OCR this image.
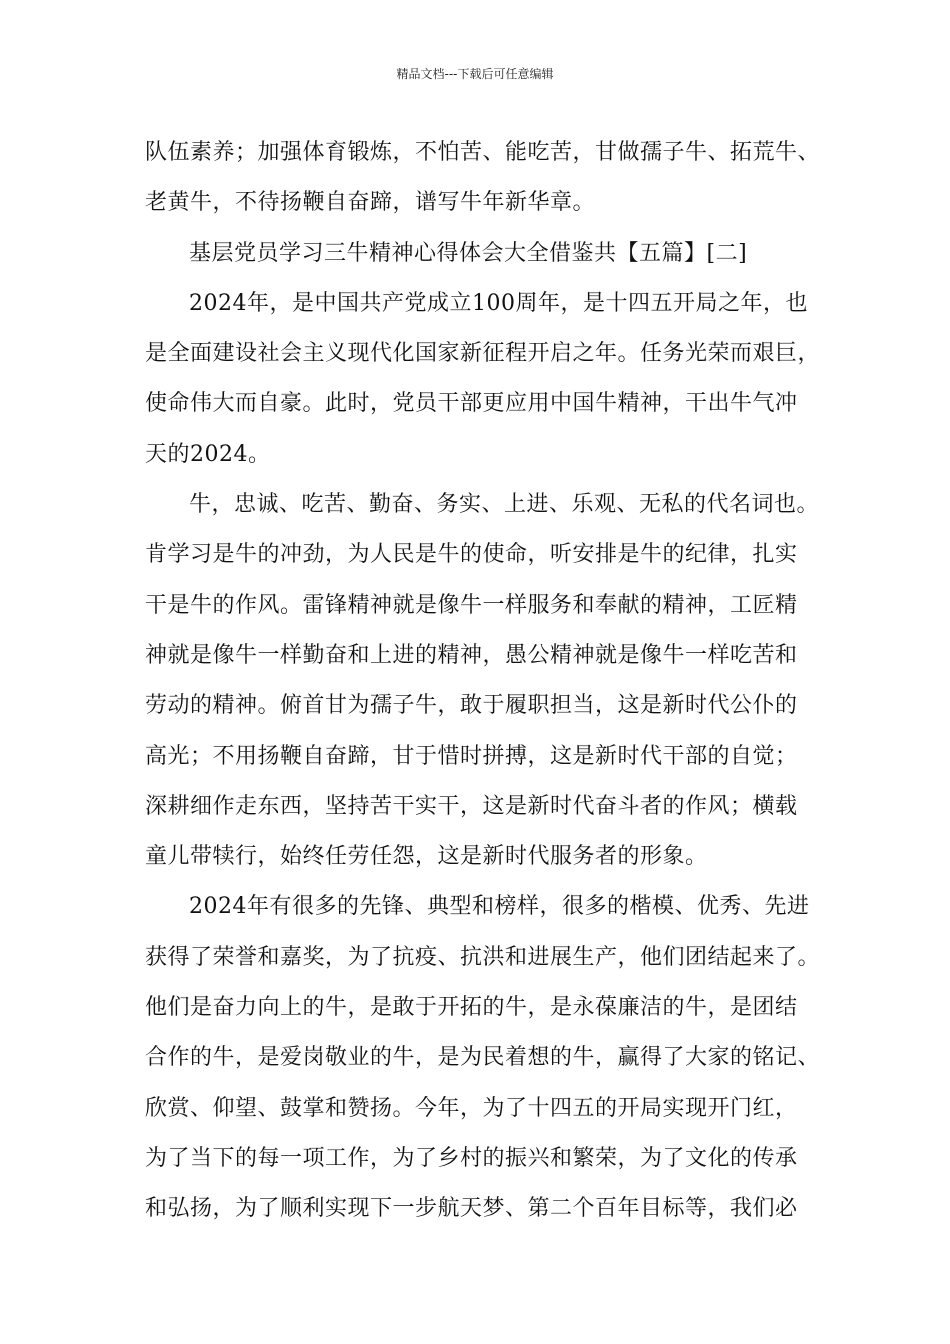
精品文档---下载后可任意编辑
队伍素养；加强体育锻炼，不怕苦、能吃苦，甘做孺子牛、拓荒牛、
老黄牛，不待扬鞭自奋蹄，谱写牛年新华章。
基层党员学习三牛精神心得体会大全借鉴共【五篇】[二]
2024年，是中国共产党成立100周年，是十四五开局之年，也
是全面建设社会主义现代化国家新征程开启之年。任务光荣而艰巨，
使命伟大而自豪。此时，党员干部更应用中国牛精神，干出牛气冲
天的2024。
牛，忠诚、吃苦、勤奋、务实、上进、乐观、无私的代名词也。
肯学习是牛的冲劲，为人民是牛的使命，听安排是牛的纪律，扎实
干是牛的作风。雷锋精神就是像牛一样服务和奉献的精神，工匠精
神就是像牛一样勤奋和上进的精神，愚公精神就是像牛一样吃苦和
劳动的精神。俯首甘为孺子牛，敢于履职担当，这是新时代公仆的
高光；不用扬鞭自奋蹄，甘于惜时拼搏，这是新时代干部的自觉；
深耕细作走东西，坚持苦干实干，这是新时代奋斗者的作风；横载
童儿带犊行，始终任劳任怨，这是新时代服务者的形象。
2024年有很多的先锋、典型和榜样，很多的楷模、优秀、先进
获得了荣誉和嘉奖，为了抗疫、抗洪和进展生产，他们团结起来了。
他们是奋力向上的牛，是敢于开拓的牛，是永葆廉洁的牛，是团结
合作的牛，是爱岗敬业的牛，是为民着想的牛，赢得了大家的铭记、
欣赏、仰望、鼓掌和赞扬。今年，为了十四五的开局实现开门红，
为了当下的每一项工作，为了乡村的振兴和繁荣，为了文化的传承
和弘扬，为了顺利实现下一步航天梦、第二个百年目标等，我们必
